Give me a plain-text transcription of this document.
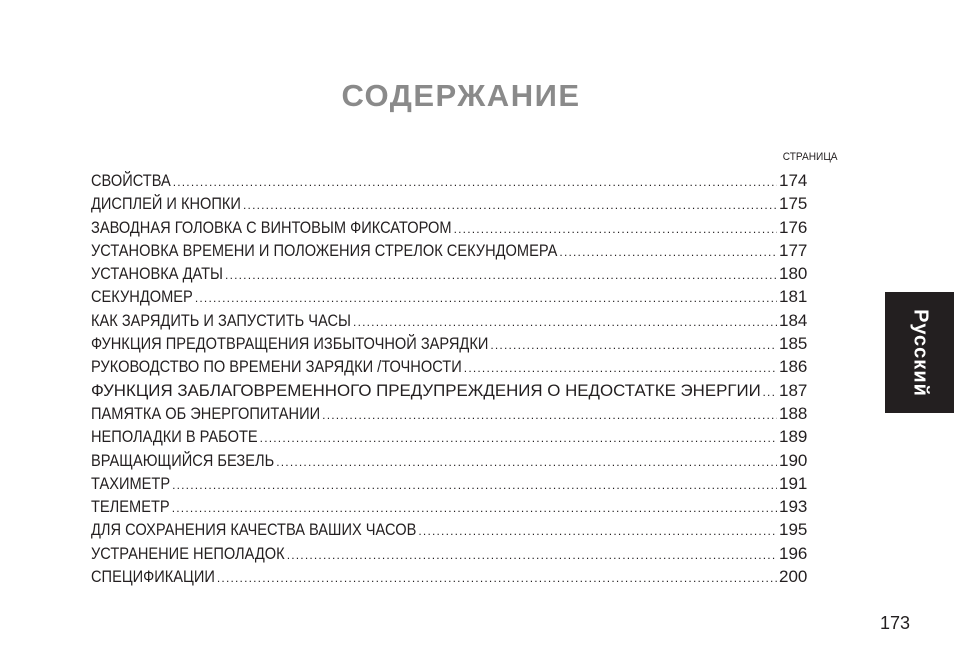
СОДЕРЖАНИЕ
СТРАНИЦА
СВОЙСТВА .....	174
ДИСПЛЕЙ И КНОПКИ .....	175
ЗАВОДНАЯ ГОЛОВКА С ВИНТОВЫМ ФИКСАТОРОМ .....	176
УСТАНОВКА ВРЕМЕНИ И ПОЛОЖЕНИЯ СТРЕЛОК СЕКУНДОМЕРА .....	177
УСТАНОВКА ДАТЫ .....	180
СЕКУНДОМЕР .....	181
КАК ЗАРЯДИТЬ И ЗАПУСТИТЬ ЧАСЫ .....	184
ФУНКЦИЯ ПРЕДОТВРАЩЕНИЯ ИЗБЫТОЧНОЙ ЗАРЯДКИ .....	185
РУКОВОДСТВО ПО ВРЕМЕНИ ЗАРЯДКИ /ТОЧНОСТИ .....	186
ФУНКЦИЯ ЗАБЛАГОВРЕМЕННОГО ПРЕДУПРЕЖДЕНИЯ О НЕДОСТАТКЕ ЭНЕРГИИ ..... 187
ПАМЯТКА ОБ ЭНЕРГОПИТАНИИ .....	188
НЕПОЛАДКИ В РАБОТЕ .....	189
ВРАЩАЮЩИЙСЯ БЕЗЕЛЬ .....	190
ТАХИМЕТР .....	191
ТЕЛЕМЕТР .....	193
ДЛЯ СОХРАНЕНИЯ КАЧЕСТВА ВАШИХ ЧАСОВ .....	195
УСТРАНЕНИЕ НЕПОЛАДОК .....	196
СПЕЦИФИКАЦИИ .....	200
Русский
173
